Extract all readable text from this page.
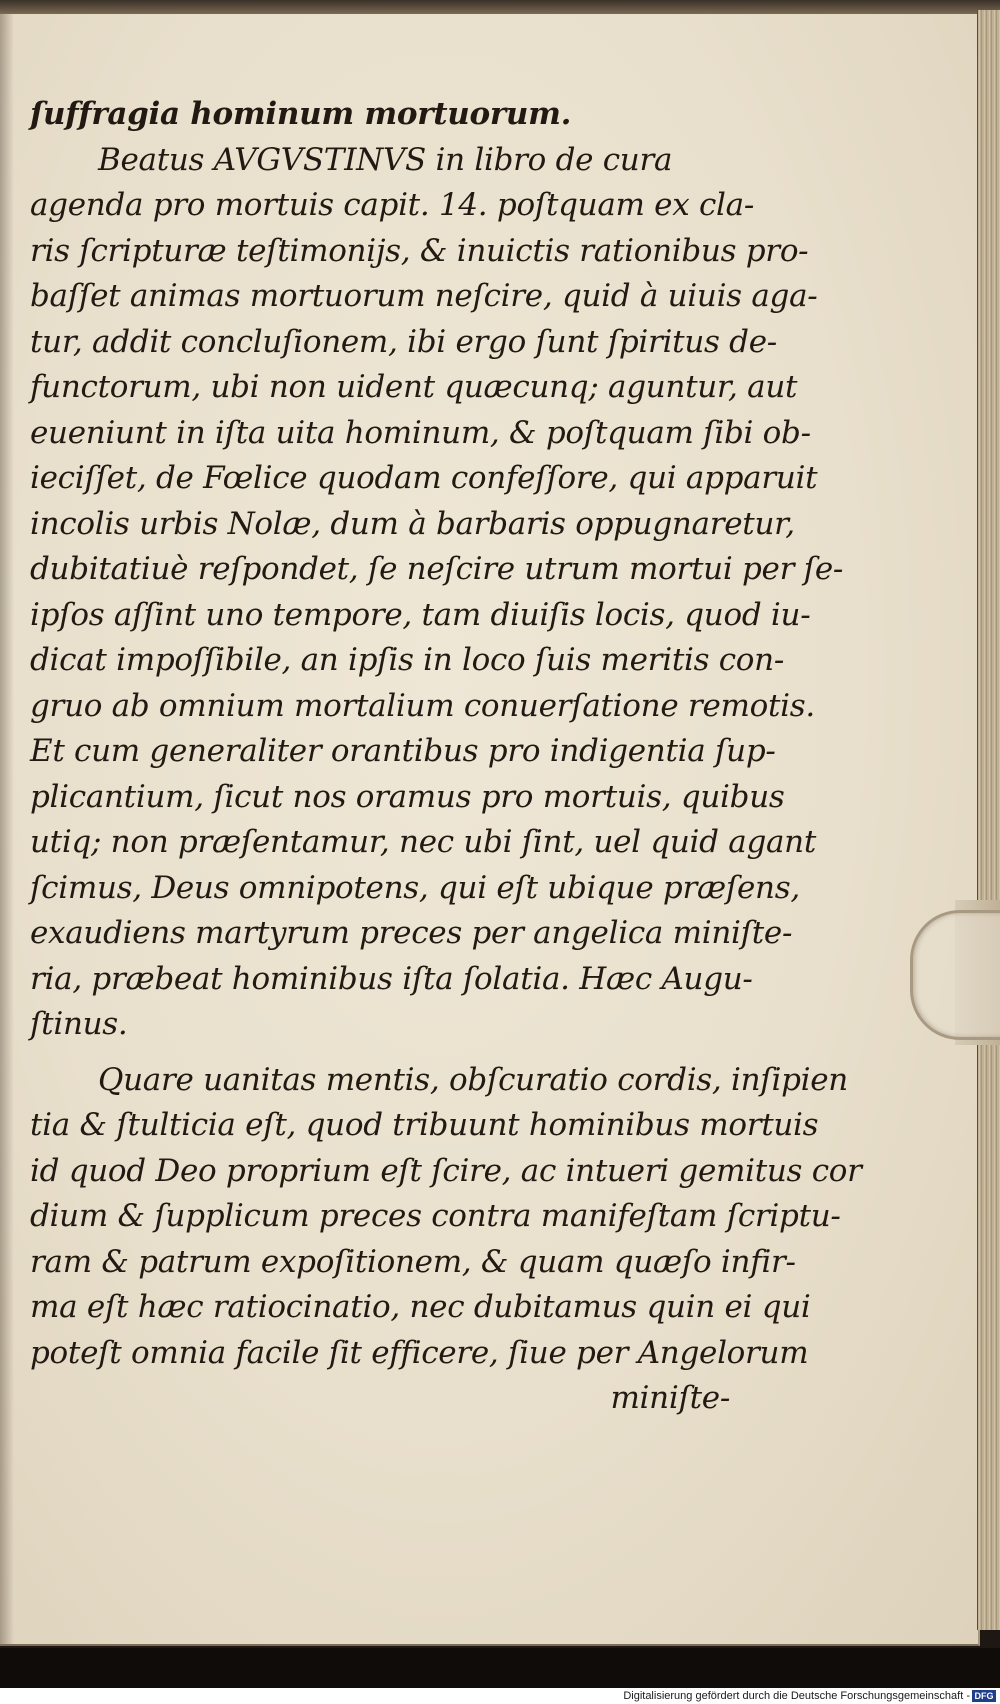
ſuffragia hominum mortuorum.
Beatus AVGVSTINVS in libro de cura
agenda pro mortuis capit. 14. poſtquam ex cla-
ris ſcripturæ teſtimonijs, & inuictis rationibus pro-
baſſet animas mortuorum neſcire, quid à uiuis aga-
tur, addit concluſionem, ibi ergo ſunt ſpiritus de-
functorum, ubi non uident quæcunq; aguntur, aut
eueniunt in iſta uita hominum, & poſtquam ſibi ob-
ieciſſet, de Fœlice quodam confeſſore, qui apparuit
incolis urbis Nolæ, dum à barbaris oppugnaretur,
dubitatiuè reſpondet, ſe neſcire utrum mortui per ſe-
ipſos aſſint uno tempore, tam diuiſis locis, quod iu-
dicat impoſſibile, an ipſis in loco ſuis meritis con-
gruo ab omnium mortalium conuerſatione remotis.
Et cum generaliter orantibus pro indigentia ſup-
plicantium, ſicut nos oramus pro mortuis, quibus
utiq; non præſentamur, nec ubi ſint, uel quid agant
ſcimus, Deus omnipotens, qui eſt ubique præſens,
exaudiens martyrum preces per angelica miniſte-
ria, præbeat hominibus iſta ſolatia. Hæc Augu-
ſtinus.
Quare uanitas mentis, obſcuratio cordis, inſipien
tia & ſtulticia eſt, quod tribuunt hominibus mortuis
id quod Deo proprium eſt ſcire, ac intueri gemitus cor
dium & ſupplicum preces contra manifeſtam ſcriptu-
ram & patrum expoſitionem, & quam quæſo infir-
ma eſt hæc ratiocinatio, nec dubitamus quin ei qui
poteſt omnia facile ſit efficere, ſiue per Angelorum
miniſte-
Digitalisierung gefördert durch die Deutsche Forschungsgemeinschaft - DFG
